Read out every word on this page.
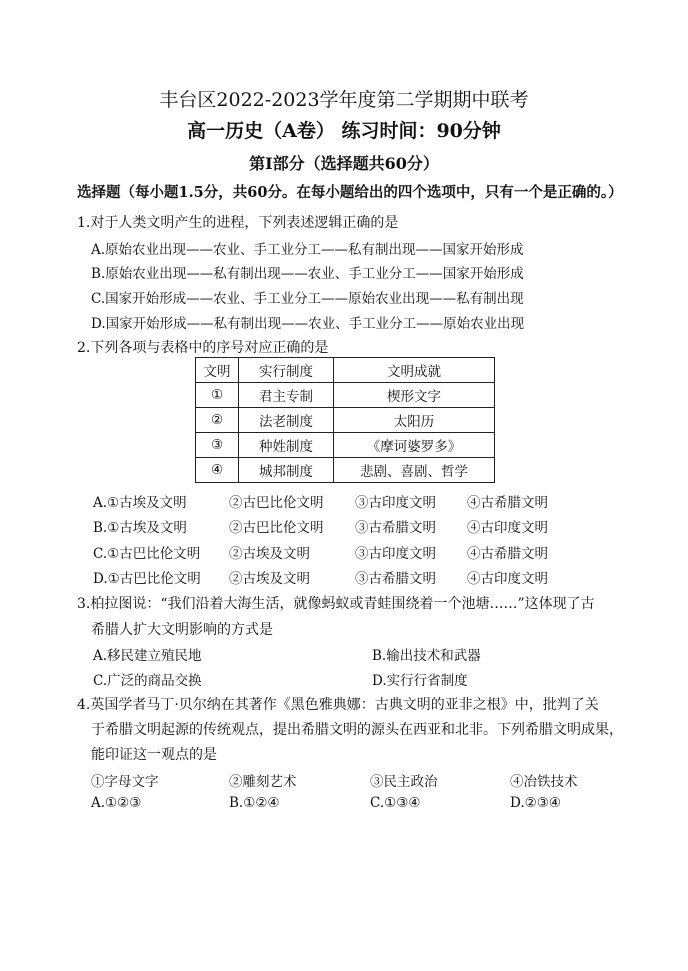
丰台区2022-2023学年度第二学期期中联考
高一历史（A卷） 练习时间：90分钟
第I部分（选择题共60分）
选择题（每小题1.5分，共60分。在每小题给出的四个选项中，只有一个是正确的。）
1.对于人类文明产生的进程，下列表述逻辑正确的是
A.原始农业出现——农业、手工业分工——私有制出现——国家开始形成
B.原始农业出现——私有制出现——农业、手工业分工——国家开始形成
C.国家开始形成——农业、手工业分工——原始农业出现——私有制出现
D.国家开始形成——私有制出现——农业、手工业分工——原始农业出现
2.下列各项与表格中的序号对应正确的是
文明	实行制度	文明成就
①	君主专制	楔形文字
②	法老制度	太阳历
③	种姓制度	《摩诃婆罗多》
④	城邦制度	悲剧、喜剧、哲学
A.①古埃及文明	②古巴比伦文明 ③古印度文明 ④古希腊文明
B.①古埃及文明	②古巴比伦文明 ③古希腊文明 ④古印度文明
C.①古巴比伦文明 ②古埃及文明	③古印度文明 ④古希腊文明
D.①古巴比伦文明 ②古埃及文明	③古希腊文明 ④古印度文明
3.柏拉图说：“我们沿着大海生活，就像蚂蚁或青蛙围绕着一个池塘……”这体现了古
希腊人扩大文明影响的方式是
A.移民建立殖民地	B.输出技术和武器
C.广泛的商品交换	D.实行行省制度
4.英国学者马丁·贝尔纳在其著作《黑色雅典娜：古典文明的亚非之根》中，批判了关
于希腊文明起源的传统观点，提出希腊文明的源头在西亚和北非。下列希腊文明成果，
能印证这一观点的是
①字母文字	②雕刻艺术	③民主政治	④冶铁技术
A.①②③	B.①②④	C.①③④	D.②③④
